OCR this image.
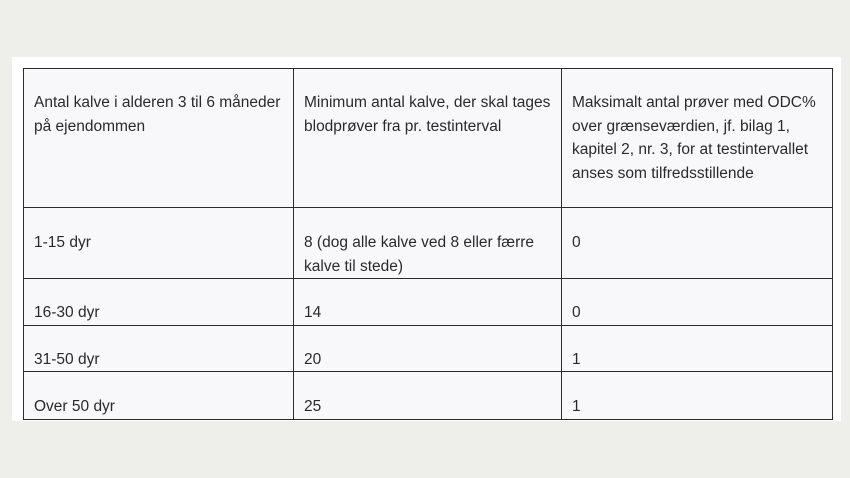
Antal kalve i alderen 3 til 6 måneder på ejendommen	Minimum antal kalve, der skal tages blodprøver fra pr. testinterval	Maksimalt antal prøver med ODC% over grænseværdien, jf. bilag 1, kapitel 2, nr. 3, for at testintervallet anses som tilfredsstillende
1-15 dyr	8 (dog alle kalve ved 8 eller færre kalve til stede)	0
16-30 dyr	14	0
31-50 dyr	20	1
Over 50 dyr	25	1
